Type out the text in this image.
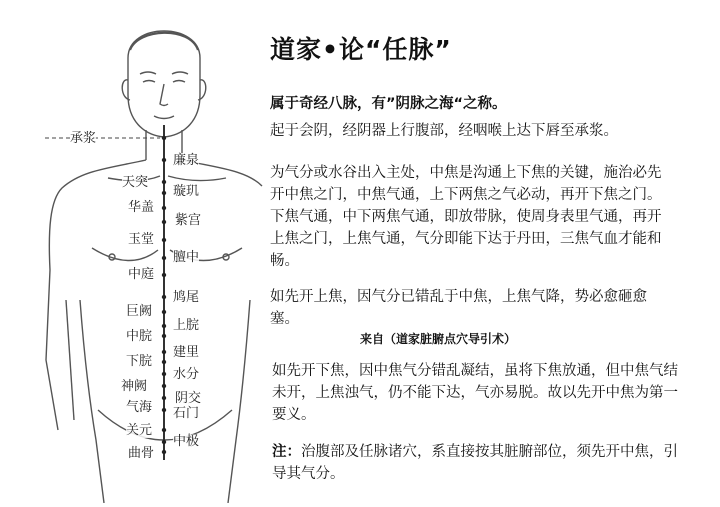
承浆
廉泉
天突
璇玑
华盖
紫宫
玉堂
膻中
中庭
鸠尾
巨阙
上脘
中脘
建里
下脘
水分
神阙
阴交
气海 石门
关元
中极
曲骨
道家•论“任脉”
属于奇经八脉，有”阴脉之海“之称。

起于会阴，经阴器上行腹部，经咽喉上达下唇至承浆。

为气分或水谷出入主处，中焦是沟通上下焦的关键，施治必先开中焦之门，中焦气通，上下两焦之气必动，再开下焦之门。下焦气通，中下两焦气通，即放带脉，使周身表里气通，再开上焦之门，上焦气通，气分即能下达于丹田，三焦气血才能和畅。

如先开上焦，因气分已错乱于中焦，上焦气降，势必愈砸愈塞。

来自（道家脏腑点穴导引术）

如先开下焦，因中焦气分错乱凝结，虽将下焦放通，但中焦气结未开，上焦浊气，仍不能下达，气亦易脱。故以先开中焦为第一要义。

注：治腹部及任脉诸穴，系直接按其脏腑部位，须先开中焦，引导其气分。
